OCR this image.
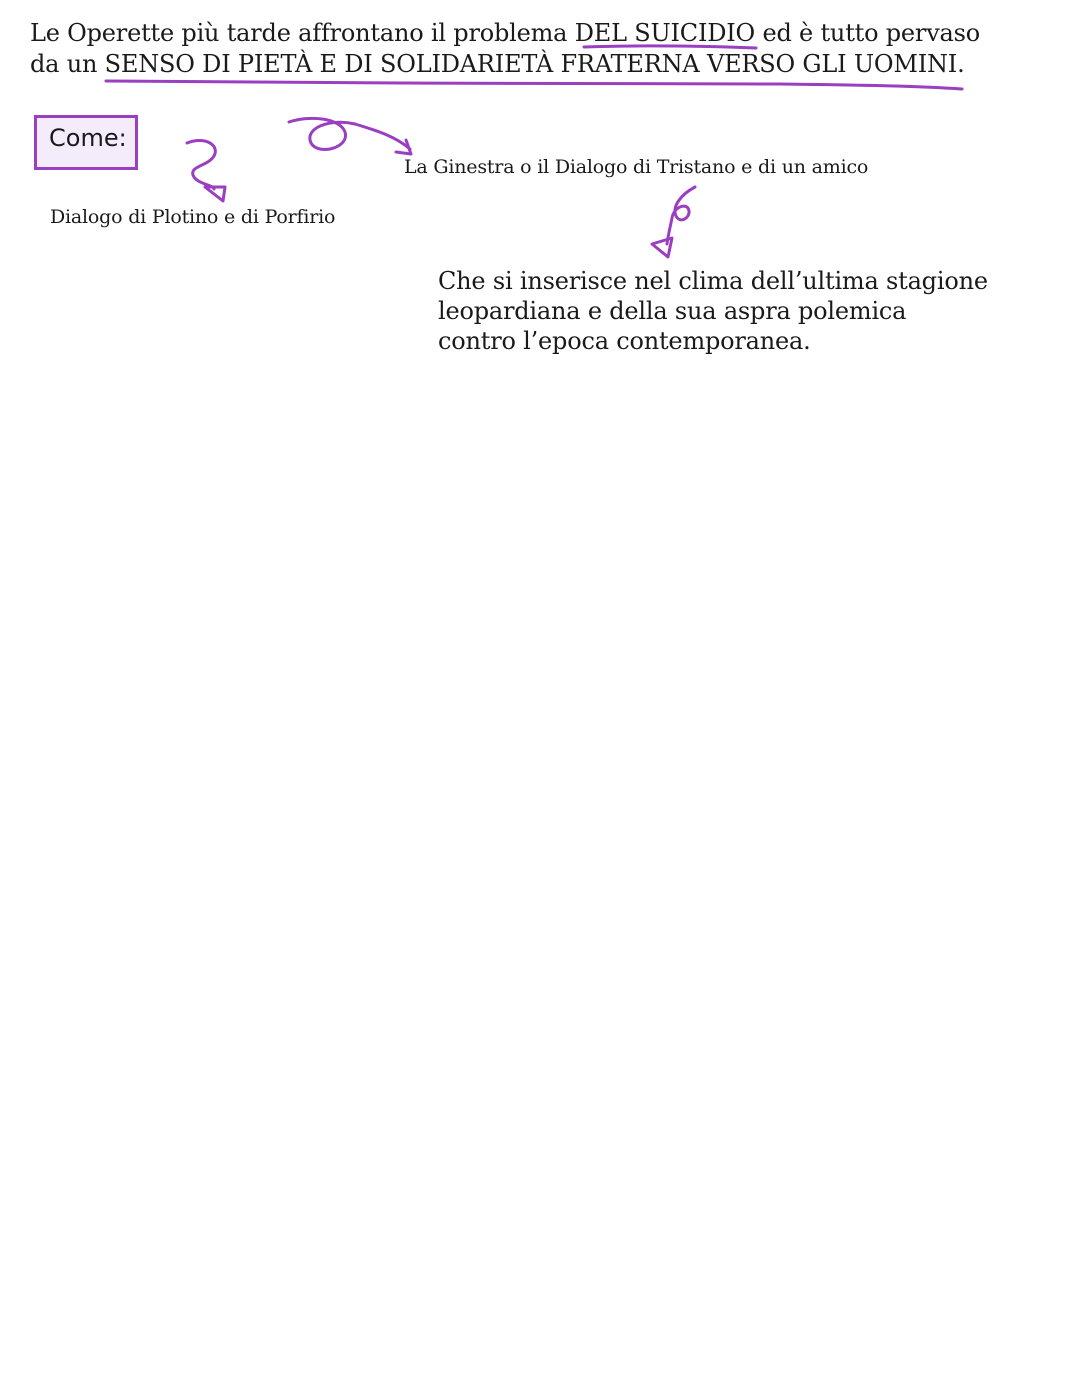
Le Operette più tarde affrontano il problema DEL SUICIDIO ed è tutto pervaso
da un SENSO DI PIETÀ E DI SOLIDARIETÀ FRATERNA VERSO GLI UOMINI.
Come:
La Ginestra o il Dialogo di Tristano e di un amico
Dialogo di Plotino e di Porfirio
Che si inserisce nel clima dell’ultima stagione
leopardiana e della sua aspra polemica
contro l’epoca contemporanea.
